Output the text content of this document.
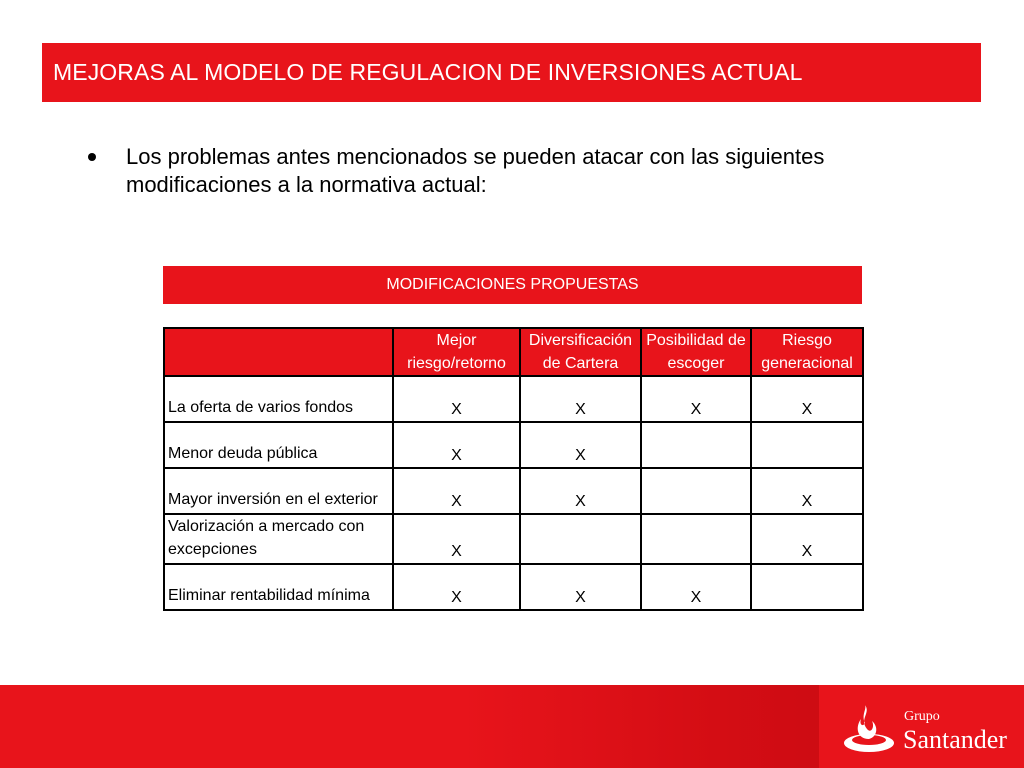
MEJORAS AL MODELO DE REGULACION DE INVERSIONES ACTUAL
Los problemas antes mencionados se pueden atacar con las siguientes modificaciones a la normativa actual:
MODIFICACIONES PROPUESTAS
	Mejor riesgo/retorno	Diversificación de Cartera	Posibilidad de escoger	Riesgo generacional
La oferta de varios fondos	X	X	X	X
Menor deuda pública	X	X		
Mayor inversión en el exterior	X	X		X
Valorización a mercado con excepciones	X			X
Eliminar rentabilidad mínima	X	X	X	
Grupo
Santander
